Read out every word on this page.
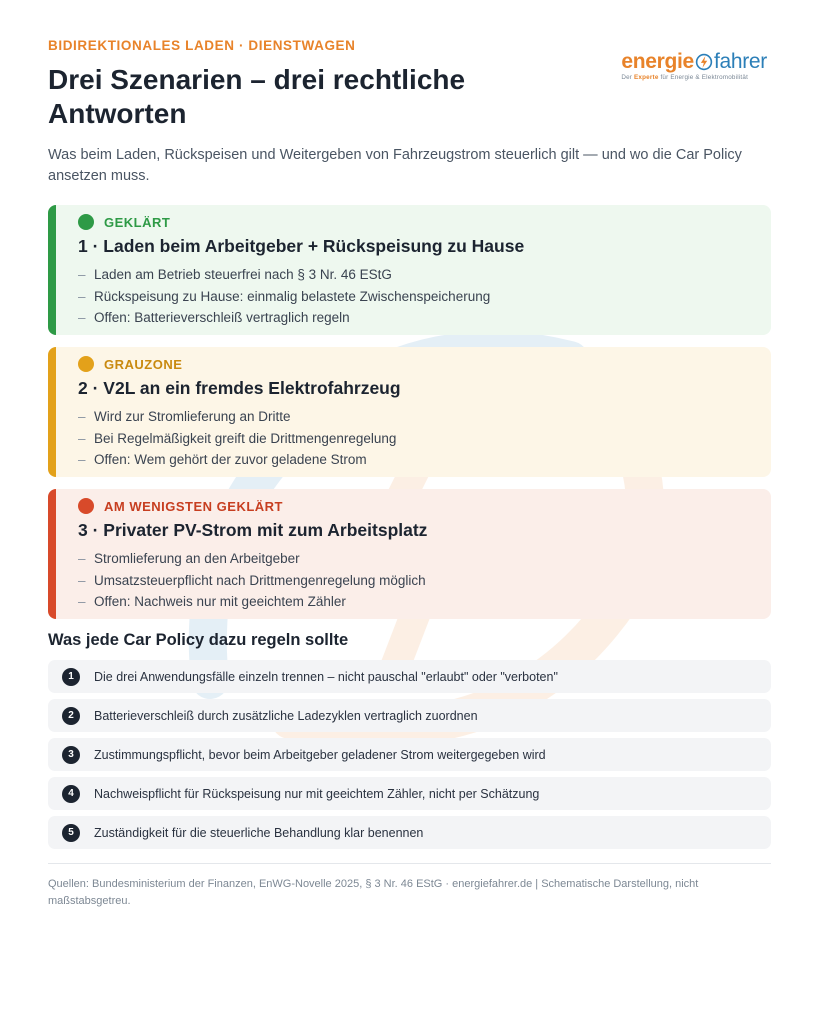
energie fahrer
Der Experte für Energie & Elektromobilität
BIDIREKTIONALES LADEN · DIENSTWAGEN
Drei Szenarien – drei rechtliche Antworten

Was beim Laden, Rückspeisen und Weitergeben von Fahrzeugstrom steuerlich gilt — und wo die Car Policy ansetzen muss.

GEKLÄRT
1 · Laden beim Arbeitgeber + Rückspeisung zu Hause
– Laden am Betrieb steuerfrei nach § 3 Nr. 46 EStG
– Rückspeisung zu Hause: einmalig belastete Zwischenspeicherung
– Offen: Batterieverschleiß vertraglich regeln
GRAUZONE
2 · V2L an ein fremdes Elektrofahrzeug
– Wird zur Stromlieferung an Dritte
– Bei Regelmäßigkeit greift die Drittmengenregelung
– Offen: Wem gehört der zuvor geladene Strom
AM WENIGSTEN GEKLÄRT
3 · Privater PV-Strom mit zum Arbeitsplatz
– Stromlieferung an den Arbeitgeber
– Umsatzsteuerpflicht nach Drittmengenregelung möglich
– Offen: Nachweis nur mit geeichtem Zähler
Was jede Car Policy dazu regeln sollte
1	Die drei Anwendungsfälle einzeln trennen – nicht pauschal "erlaubt" oder "verboten"
2	Batterieverschleiß durch zusätzliche Ladezyklen vertraglich zuordnen
3	Zustimmungspflicht, bevor beim Arbeitgeber geladener Strom weitergegeben wird
4	Nachweispflicht für Rückspeisung nur mit geeichtem Zähler, nicht per Schätzung
5	Zuständigkeit für die steuerliche Behandlung klar benennen
Quellen: Bundesministerium der Finanzen, EnWG-Novelle 2025, § 3 Nr. 46 EStG · energiefahrer.de | Schematische Darstellung, nicht maßstabsgetreu.
